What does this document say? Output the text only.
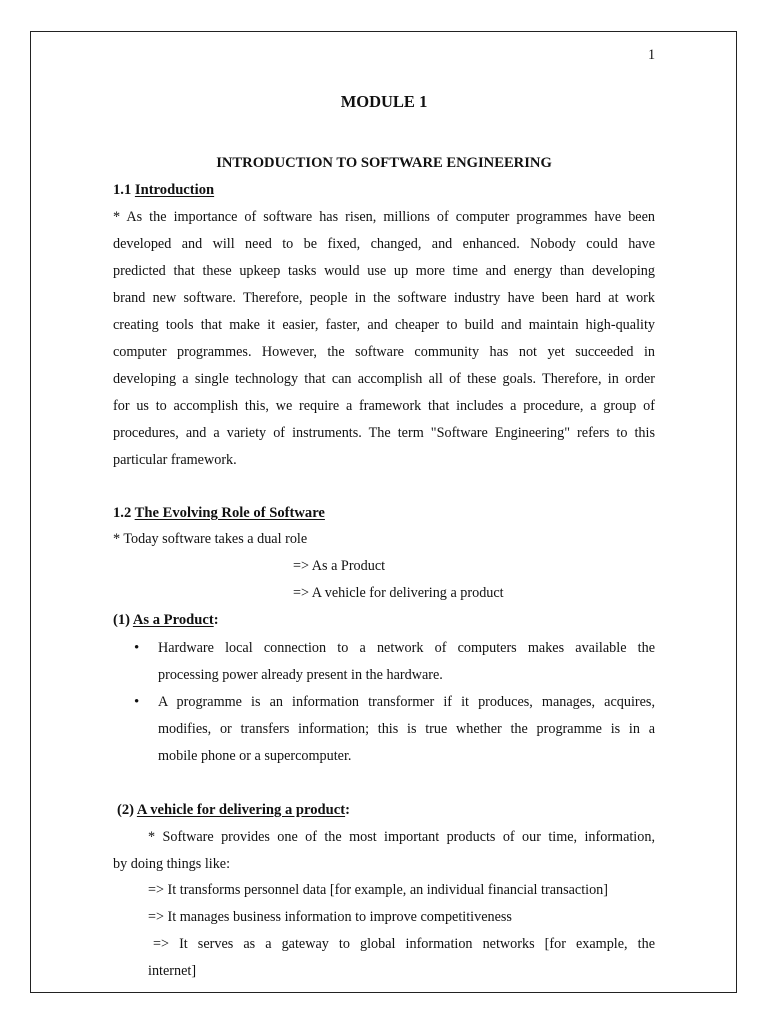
1
MODULE 1
INTRODUCTION TO SOFTWARE ENGINEERING
1.1 Introduction
* As the importance of software has risen, millions of computer programmes have been
developed and will need to be fixed, changed, and enhanced. Nobody could have
predicted that these upkeep tasks would use up more time and energy than developing
brand new software. Therefore, people in the software industry have been hard at work
creating tools that make it easier, faster, and cheaper to build and maintain high-quality
computer programmes. However, the software community has not yet succeeded in
developing a single technology that can accomplish all of these goals. Therefore, in order
for us to accomplish this, we require a framework that includes a procedure, a group of
procedures, and a variety of instruments. The term "Software Engineering" refers to this
particular framework.
1.2 The Evolving Role of Software
* Today software takes a dual role
=> As a Product
=> A vehicle for delivering a product
(1) As a Product:
• Hardware local connection to a network of computers makes available the
processing power already present in the hardware.
• A programme is an information transformer if it produces, manages, acquires,
modifies, or transfers information; this is true whether the programme is in a
mobile phone or a supercomputer.
(2) A vehicle for delivering a product:
* Software provides one of the most important products of our time, information,
by doing things like:
=> It transforms personnel data [for example, an individual financial transaction]
=> It manages business information to improve competitiveness
=> It serves as a gateway to global information networks [for example, the
internet]
